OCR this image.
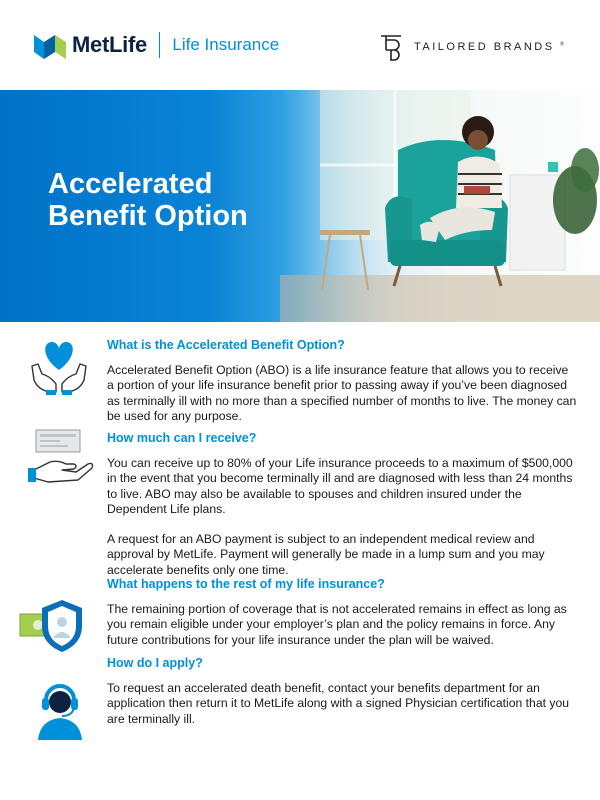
MetLife Life Insurance	TAILORED BRANDS ®
Accelerated
Benefit Option

What is the Accelerated Benefit Option?

Accelerated Benefit Option (ABO) is a life insurance feature that allows you to receive a portion of your life insurance benefit prior to passing away if you’ve been diagnosed as terminally ill with no more than a specified number of months to live. The money can be used for any purpose.

How much can I receive?

You can receive up to 80% of your Life insurance proceeds to a maximum of $500,000 in the event that you become terminally ill and are diagnosed with less than 24 months to live. ABO may also be available to spouses and children insured under the Dependent Life plans.

A request for an ABO payment is subject to an independent medical review and approval by MetLife. Payment will generally be made in a lump sum and you may accelerate benefits only one time.

What happens to the rest of my life insurance?

The remaining portion of coverage that is not accelerated remains in effect as long as you remain eligible under your employer’s plan and the policy remains in force. Any future contributions for your life insurance under the plan will be waived.

How do I apply?

To request an accelerated death benefit, contact your benefits department for an application then return it to MetLife along with a signed Physician certification that you are terminally ill.
